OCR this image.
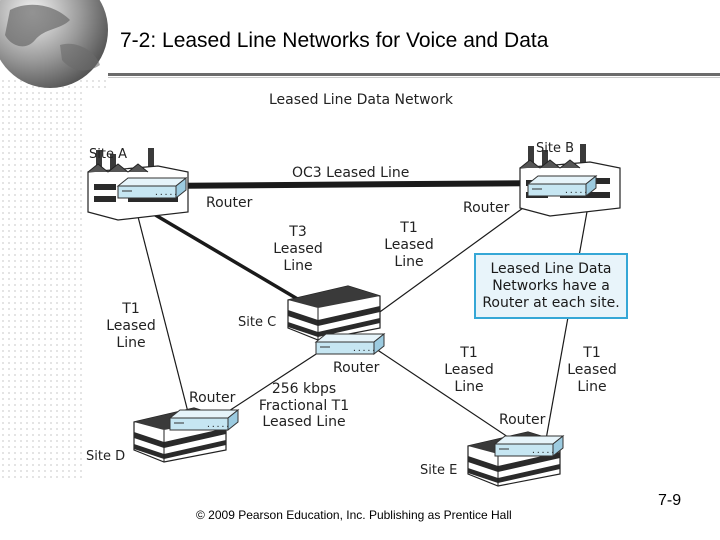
7-2: Leased Line Networks for Voice and Data
.....
Leased Line Data Network
Site A
Router
Site B
Router
Site C
Router
Site D
Router
Site E
Router
OC3 Leased Line
T3
Leased
Line
T1
Leased
Line
T1
Leased
Line
256 kbps
Fractional T1
Leased Line
T1
Leased
Line
T1
Leased
Line
Leased Line Data
Networks have a
Router at each site.
© 2009 Pearson Education, Inc. Publishing as Prentice Hall
7-9
